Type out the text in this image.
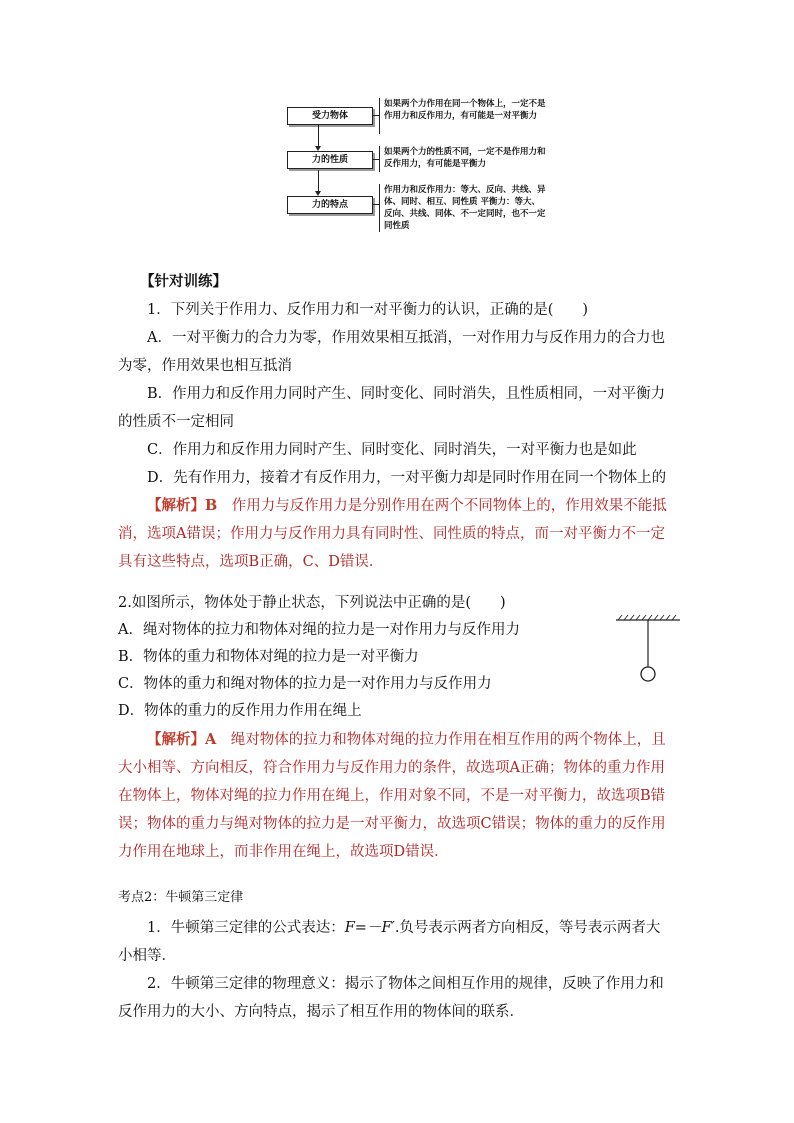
受力物体
力的性质
力的特点
如果两个力作用在同一个物体上，一定不是作用力和反作用力，有可能是一对平衡力
如果两个力的性质不同，一定不是作用力和反作用力，有可能是平衡力
作用力和反作用力：等大、反向、共线、异体、同时、相互、同性质 平衡力：等大、反向、共线、同体、不一定同时，也不一定同性质
【针对训练】

1．下列关于作用力、反作用力和一对平衡力的认识，正确的是(　　)

A．一对平衡力的合力为零，作用效果相互抵消，一对作用力与反作用力的合力也为零，作用效果也相互抵消

B．作用力和反作用力同时产生、同时变化、同时消失，且性质相同，一对平衡力的性质不一定相同

C．作用力和反作用力同时产生、同时变化、同时消失，一对平衡力也是如此

D．先有作用力，接着才有反作用力，一对平衡力却是同时作用在同一个物体上的

【解析】B　 作用力与反作用力是分别作用在两个不同物体上的，作用效果不能抵消，选项A错误；作用力与反作用力具有同时性、同性质的特点，而一对平衡力不一定具有这些特点，选项B正确，C、D错误．

2.如图所示，物体处于静止状态，下列说法中正确的是(　　)

A．绳对物体的拉力和物体对绳的拉力是一对作用力与反作用力

B．物体的重力和物体对绳的拉力是一对平衡力

C．物体的重力和绳对物体的拉力是一对作用力与反作用力

D．物体的重力的反作用力作用在绳上

【解析】A　 绳对物体的拉力和物体对绳的拉力作用在相互作用的两个物体上，且大小相等、方向相反，符合作用力与反作用力的条件，故选项A正确；物体的重力作用在物体上，物体对绳的拉力作用在绳上，作用对象不同，不是一对平衡力，故选项B错误；物体的重力与绳对物体的拉力是一对平衡力，故选项C错误；物体的重力的反作用力作用在地球上，而非作用在绳上，故选项D错误．

考点2：牛顿第三定律

1．牛顿第三定律的公式表达：F=－F′.负号表示两者方向相反，等号表示两者大小相等．

2．牛顿第三定律的物理意义：揭示了物体之间相互作用的规律，反映了作用力和反作用力的大小、方向特点，揭示了相互作用的物体间的联系．
